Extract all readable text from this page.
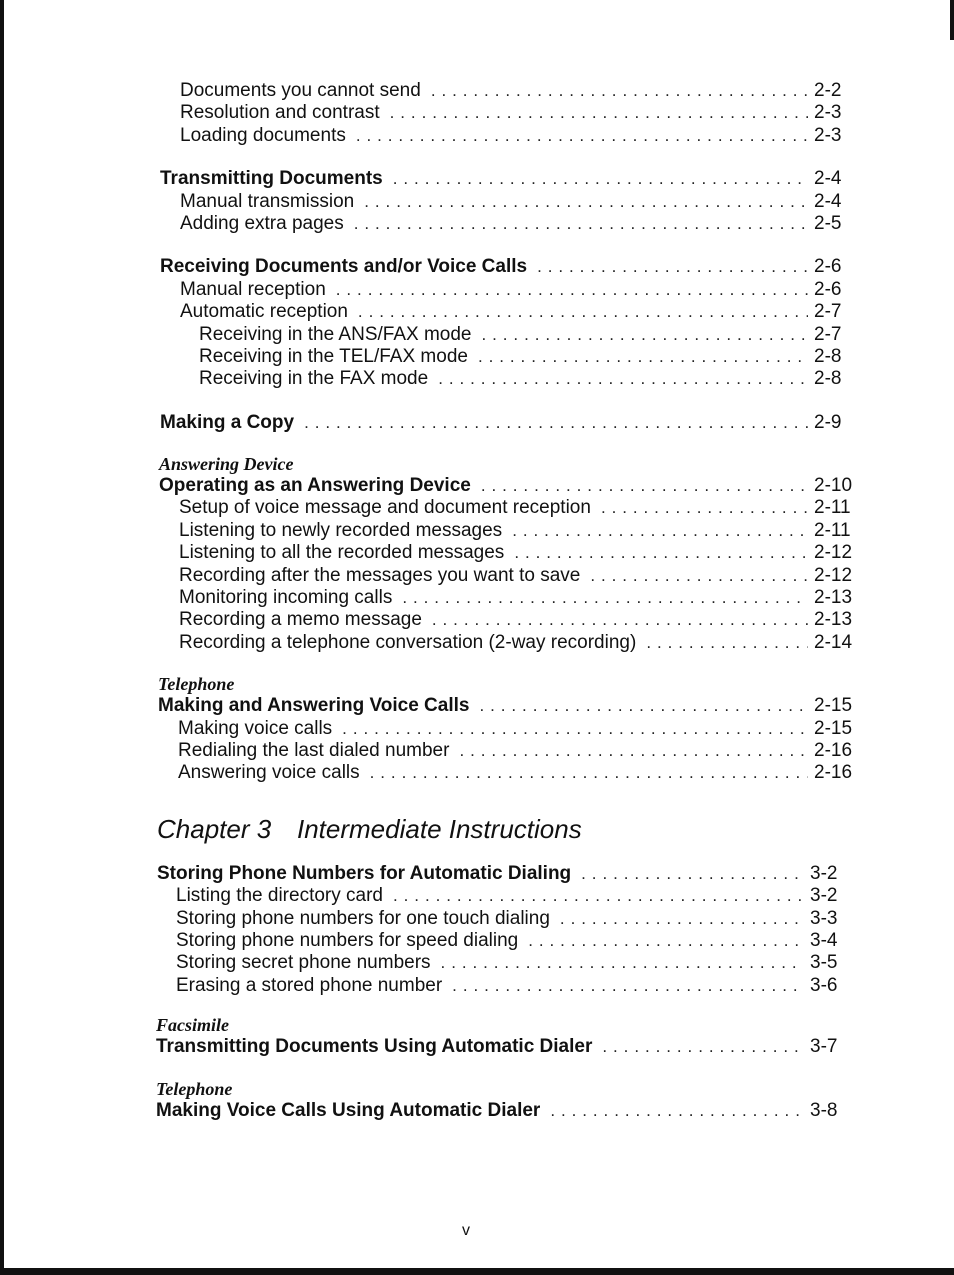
Documents you cannot send . . .	2-2
Resolution and contrast . . .	2-3
Loading documents . . .	2-3
Transmitting Documents . . .	2-4
Manual transmission . . .	2-4
Adding extra pages . . .	2-5
Receiving Documents and/or Voice Calls . . .	2-6
Manual reception . . .	2-6
Automatic reception . . .	2-7
Receiving in the ANS/FAX mode . . .	2-7
Receiving in the TEL/FAX mode . . .	2-8
Receiving in the FAX mode . . .	2-8
Making a Copy . . .	2-9
Answering Device
Operating as an Answering Device . . .	2-10
Setup of voice message and document reception . . .	2-11
Listening to newly recorded messages . . .	2-11
Listening to all the recorded messages . . .	2-12
Recording after the messages you want to save . . .	2-12
Monitoring incoming calls . . .	2-13
Recording a memo message . . .	2-13
Recording a telephone conversation (2-way recording) . . .	2-14
Telephone
Making and Answering Voice Calls . . .	2-15
Making voice calls . . .	2-15
Redialing the last dialed number . . .	2-16
Answering voice calls . . .	2-16
Chapter 3 Intermediate Instructions
Storing Phone Numbers for Automatic Dialing . . .	3-2
Listing the directory card . . .	3-2
Storing phone numbers for one touch dialing . . .	3-3
Storing phone numbers for speed dialing . . .	3-4
Storing secret phone numbers . . .	3-5
Erasing a stored phone number . . .	3-6
Facsimile
Transmitting Documents Using Automatic Dialer . . .	3-7
Telephone
Making Voice Calls Using Automatic Dialer . . .	3-8
v
